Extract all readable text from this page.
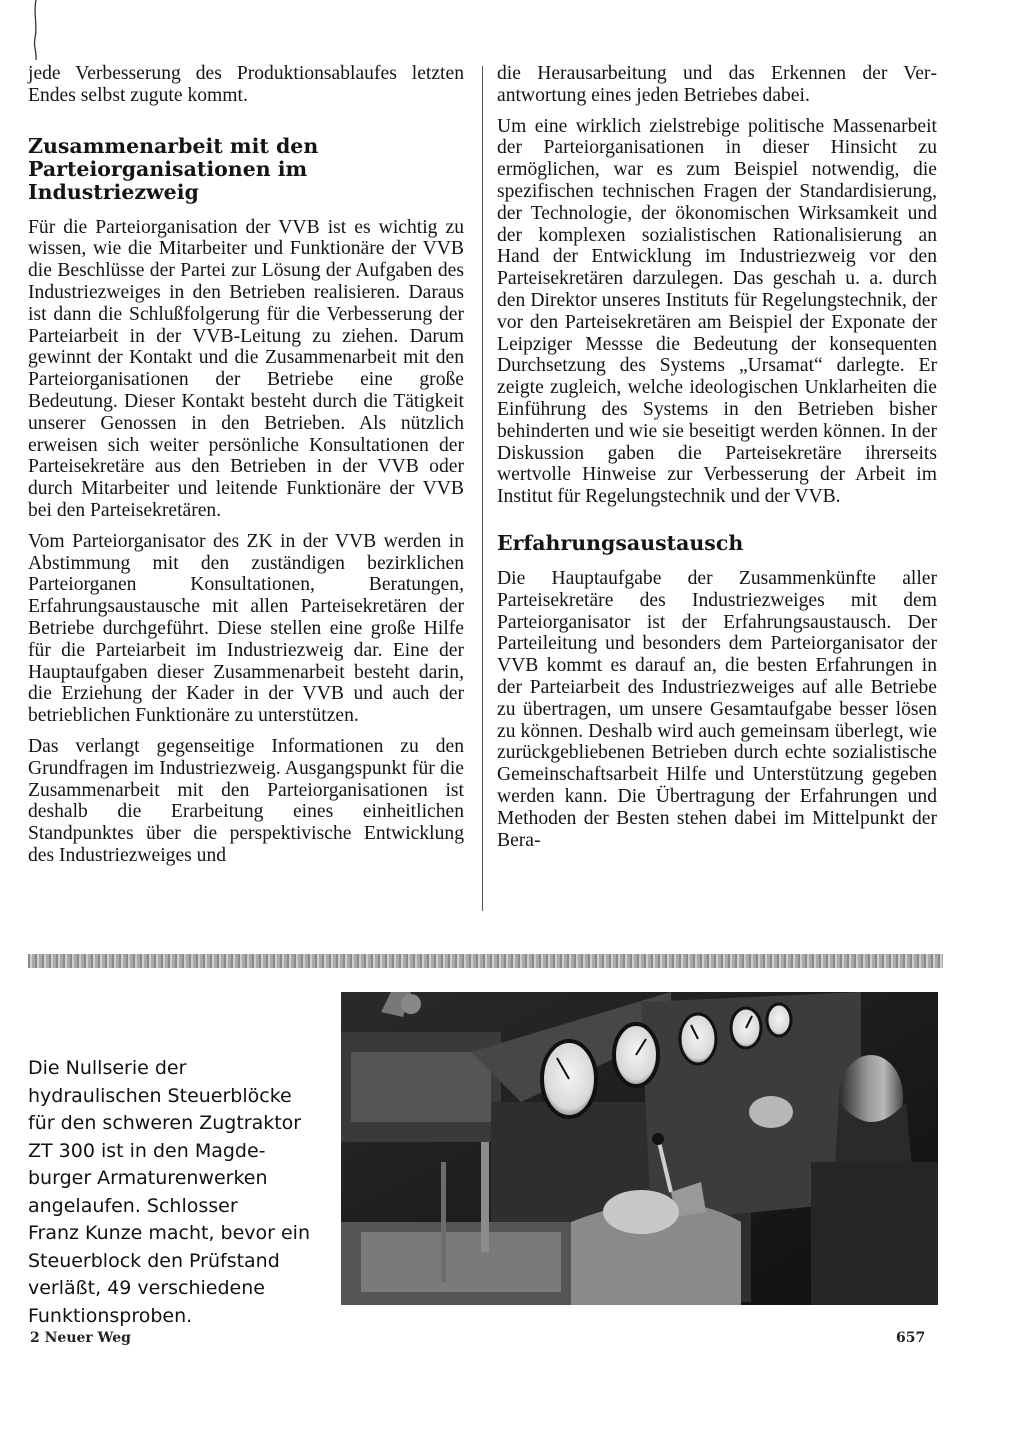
jede Verbesserung des Produktionsablaufes letzten Endes selbst zugute kommt.

Zusammenarbeit mit den Parteiorganisationen im Industriezweig

Für die Parteiorganisation der VVB ist es wichtig zu wissen, wie die Mitarbeiter und Funktionäre der VVB die Beschlüsse der Partei zur Lösung der Aufgaben des Industriezweiges in den Betrieben realisieren. Daraus ist dann die Schlußfolgerung für die Verbesserung der Parteiarbeit in der VVB-Leitung zu ziehen. Darum gewinnt der Kontakt und die Zusammenarbeit mit den Parteiorganisationen der Betriebe eine große Bedeutung. Dieser Kontakt besteht durch die Tätigkeit unserer Genossen in den Betrieben. Als nützlich erweisen sich weiter persönliche Konsultationen der Parteisekretäre aus den Betrieben in der VVB oder durch Mitarbeiter und leitende Funktionäre der VVB bei den Parteisekretären.

Vom Parteiorganisator des ZK in der VVB werden in Abstimmung mit den zuständigen bezirklichen Parteiorganen Konsultationen, Beratungen, Erfahrungsaustausche mit allen Parteisekretären der Betriebe durchgeführt. Diese stellen eine große Hilfe für die Parteiarbeit im Industriezweig dar. Eine der Hauptaufgaben dieser Zusammenarbeit besteht darin, die Erziehung der Kader in der VVB und auch der betrieblichen Funktionäre zu unterstützen.

Das verlangt gegenseitige Informationen zu den Grundfragen im Industriezweig. Ausgangspunkt für die Zusammenarbeit mit den Parteiorganisationen ist deshalb die Erarbeitung eines einheitlichen Standpunktes über die perspektivische Entwicklung des Industriezweiges und

die Herausarbeitung und das Erkennen der Verantwortung eines jeden Betriebes dabei.

Um eine wirklich zielstrebige politische Massenarbeit der Parteiorganisationen in dieser Hinsicht zu ermöglichen, war es zum Beispiel notwendig, die spezifischen technischen Fragen der Standardisierung, der Technologie, der ökonomischen Wirksamkeit und der komplexen sozialistischen Rationalisierung an Hand der Entwicklung im Industriezweig vor den Parteisekretären darzulegen. Das geschah u. a. durch den Direktor unseres Instituts für Regelungstechnik, der vor den Parteisekretären am Beispiel der Exponate der Leipziger Messse die Bedeutung der konsequenten Durchsetzung des Systems „Ursamat“ darlegte. Er zeigte zugleich, welche ideologischen Unklarheiten die Einführung des Systems in den Betrieben bisher behinderten und wie sie beseitigt werden können. In der Diskussion gaben die Parteisekretäre ihrerseits wertvolle Hinweise zur Verbesserung der Arbeit im Institut für Regelungstechnik und der VVB.

Erfahrungsaustausch

Die Hauptaufgabe der Zusammenkünfte aller Parteisekretäre des Industriezweiges mit dem Parteiorganisator ist der Erfahrungsaustausch. Der Parteileitung und besonders dem Parteiorganisator der VVB kommt es darauf an, die besten Erfahrungen in der Parteiarbeit des Industriezweiges auf alle Betriebe zu übertragen, um unsere Gesamtaufgabe besser lösen zu können. Deshalb wird auch gemeinsam überlegt, wie zurückgebliebenen Betrieben durch echte sozialistische Gemeinschaftsarbeit Hilfe und Unterstützung gegeben werden kann. Die Übertragung der Erfahrungen und Methoden der Besten stehen dabei im Mittelpunkt der Bera-

Die Nullserie der
hydraulischen Steuerblöcke
für den schweren Zugtraktor
ZT 300 ist in den Magde-
burger Armaturenwerken
angelaufen. Schlosser
Franz Kunze macht, bevor ein
Steuerblock den Prüfstand
verläßt, 49 verschiedene
Funktionsproben.
2 Neuer Weg	657
